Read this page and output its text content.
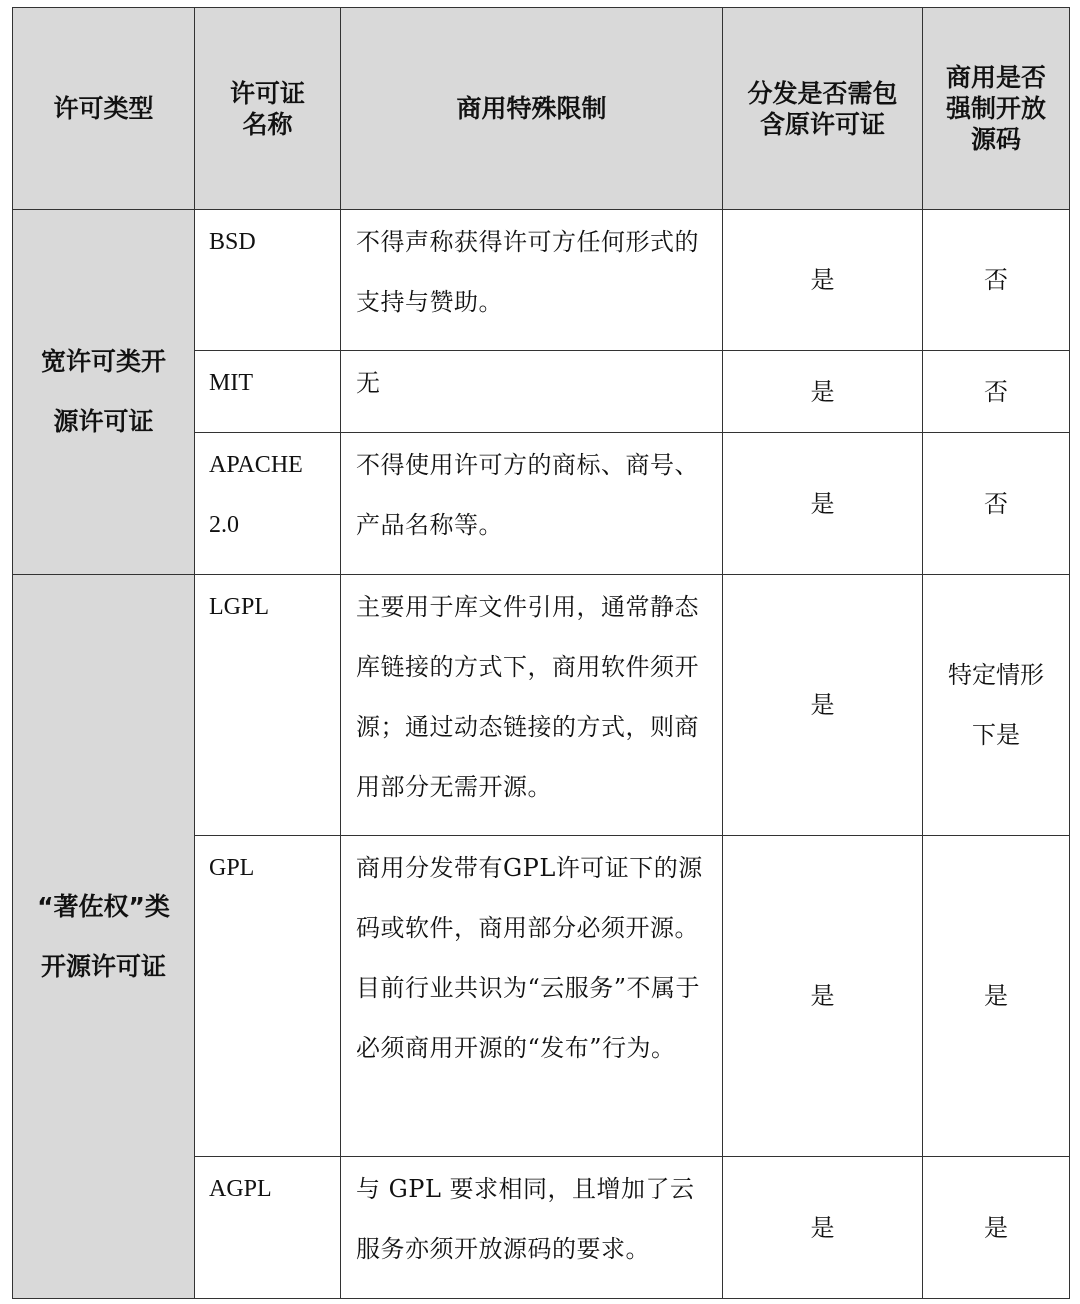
许可类型	许可证名称	商用特殊限制	分发是否需包含原许可证	商用是否强制开放源码
宽许可类开源许可证	BSD	不得声称获得许可方任何形式的支持与赞助。	是	否
	MIT	无	是	否
	APACHE 2.0	不得使用许可方的商标、商号、产品名称等。	是	否
“著佐权”类开源许可证	LGPL	主要用于库文件引用，通常静态库链接的方式下，商用软件须开源；通过动态链接的方式，则商用部分无需开源。	是	特定情形下是
	GPL	商用分发带有GPL许可证下的源码或软件，商用部分必须开源。目前行业共识为“云服务”不属于必须商用开源的“发布”行为。	是	是
	AGPL	与 GPL 要求相同，且增加了云服务亦须开放源码的要求。	是	是
